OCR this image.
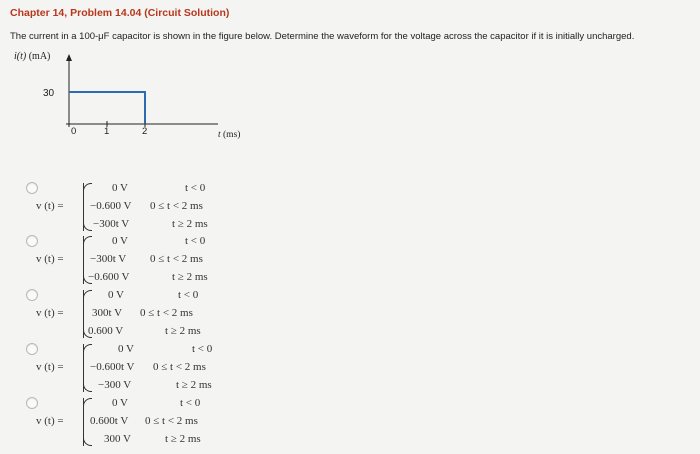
Chapter 14, Problem 14.04 (Circuit Solution)
The current in a 100-μF capacitor is shown in the figure below. Determine the waveform for the voltage across the capacitor if it is initially uncharged.
i(t) (mA)
30
0	1	2	t (ms)
v (t) =
0 V	t < 0
−0.600 V 0 ≤ t < 2 ms
−300t V	t ≥ 2 ms
v (t) =
0 V	t < 0
−300t V 0 ≤ t < 2 ms
−0.600 V	t ≥ 2 ms
v (t) =
0 V	t < 0
300t V 0 ≤ t < 2 ms
0.600 V	t ≥ 2 ms
v (t) =
0 V	t < 0
−0.600t V 0 ≤ t < 2 ms
−300 V	t ≥ 2 ms
v (t) =
0 V	t < 0
0.600t V 0 ≤ t < 2 ms
300 V	t ≥ 2 ms
